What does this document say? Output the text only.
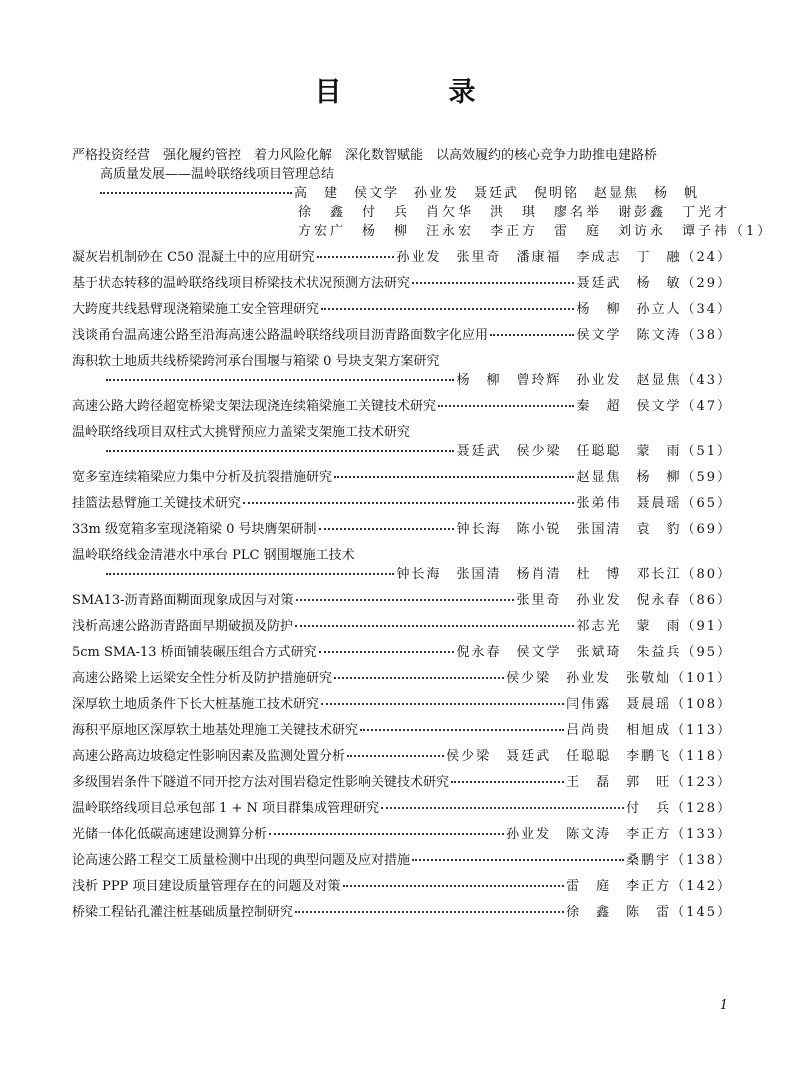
目　录
严格投资经营　强化履约管控　着力风险化解　深化数智赋能　以高效履约的核心竞争力助推电建路桥
高质量发展——温岭联络线项目管理总结
高　建　侯文学　孙业发　聂廷武　倪明铭　赵显焦　杨　帆
徐　鑫　付　兵　肖欠华　洪　琪　廖名举　谢彭鑫　丁光才
方宏广　杨　柳　汪永宏　李正方　雷　庭　刘访永　谭子祎（1）
凝灰岩机制砂在 C50 混凝土中的应用研究	孙业发　张里奇　潘康福　李成志　丁　融（24）
基于状态转移的温岭联络线项目桥梁技术状况预测方法研究	聂廷武　杨　敏（29）
大跨度共线悬臂现浇箱梁施工安全管理研究	杨　柳　孙立人（34）
浅谈甬台温高速公路至沿海高速公路温岭联络线项目沥青路面数字化应用	侯文学　陈文涛（38）
海积软土地质共线桥梁跨河承台围堰与箱梁 0 号块支架方案研究
杨　柳　曾玲辉　孙业发　赵显焦（43）
高速公路大跨径超宽桥梁支架法现浇连续箱梁施工关键技术研究	秦　超　侯文学（47）
温岭联络线项目双柱式大挑臂预应力盖梁支架施工技术研究
聂廷武　侯少梁　任聪聪　蒙　雨（51）
宽多室连续箱梁应力集中分析及抗裂措施研究	赵显焦　杨　柳（59）
挂篮法悬臂施工关键技术研究	张弟伟　聂晨瑶（65）
33m 级宽箱多室现浇箱梁 0 号块膺架研制	钟长海　陈小锐　张国清　袁　豹（69）
温岭联络线金清港水中承台 PLC 钢围堰施工技术
钟长海　张国清　杨肖清　杜　博　邓长江（80）
SMA13-沥青路面糊面现象成因与对策	张里奇　孙业发　倪永春（86）
浅析高速公路沥青路面早期破损及防护	祁志光　蒙　雨（91）
5cm SMA-13 桥面铺装碾压组合方式研究	倪永春　侯文学　张斌琦　朱益兵（95）
高速公路梁上运梁安全性分析及防护措施研究	侯少梁　孙业发　张敬灿（101）
深厚软土地质条件下长大桩基施工技术研究	闫伟露　聂晨瑶（108）
海积平原地区深厚软土地基处理施工关键技术研究	吕尚贵　相旭成（113）
高速公路高边坡稳定性影响因素及监测处置分析	侯少梁　聂廷武　任聪聪　李鹏飞（118）
多级围岩条件下隧道不同开挖方法对围岩稳定性影响关键技术研究	王　磊　郭　旺（123）
温岭联络线项目总承包部 1 + N 项目群集成管理研究	付　兵（128）
光储一体化低碳高速建设测算分析	孙业发　陈文涛　李正方（133）
论高速公路工程交工质量检测中出现的典型问题及应对措施	桑鹏宇（138）
浅析 PPP 项目建设质量管理存在的问题及对策	雷　庭　李正方（142）
桥梁工程钻孔灌注桩基础质量控制研究	徐　鑫　陈　雷（145）
1
